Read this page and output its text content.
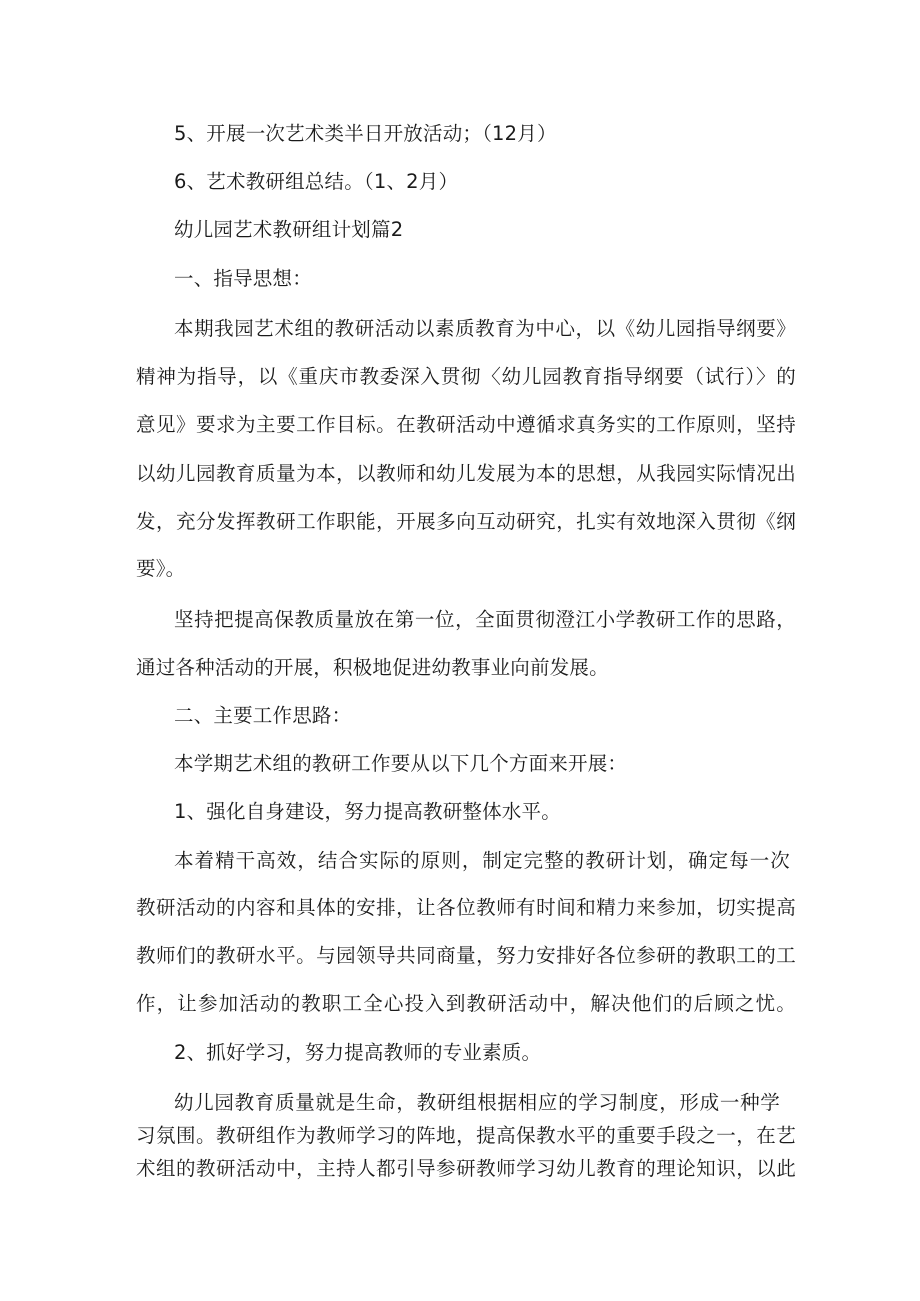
5、开展一次艺术类半日开放活动；（12月）
6、艺术教研组总结。（1、2月）
幼儿园艺术教研组计划篇2
一、指导思想：
本期我园艺术组的教研活动以素质教育为中心，以《幼儿园指导纲要》
精神为指导，以《重庆市教委深入贯彻〈幼儿园教育指导纲要（试行）〉的
意见》要求为主要工作目标。在教研活动中遵循求真务实的工作原则，坚持
以幼儿园教育质量为本，以教师和幼儿发展为本的思想，从我园实际情况出
发，充分发挥教研工作职能，开展多向互动研究，扎实有效地深入贯彻《纲
要》。
坚持把提高保教质量放在第一位，全面贯彻澄江小学教研工作的思路，
通过各种活动的开展，积极地促进幼教事业向前发展。
二、主要工作思路：
本学期艺术组的教研工作要从以下几个方面来开展：
1、强化自身建设，努力提高教研整体水平。
本着精干高效，结合实际的原则，制定完整的教研计划，确定每一次
教研活动的内容和具体的安排，让各位教师有时间和精力来参加，切实提高
教师们的教研水平。与园领导共同商量，努力安排好各位参研的教职工的工
作，让参加活动的教职工全心投入到教研活动中，解决他们的后顾之忧。
2、抓好学习，努力提高教师的专业素质。
幼儿园教育质量就是生命，教研组根据相应的学习制度，形成一种学
习氛围。教研组作为教师学习的阵地，提高保教水平的重要手段之一，在艺
术组的教研活动中，主持人都引导参研教师学习幼儿教育的理论知识，以此
